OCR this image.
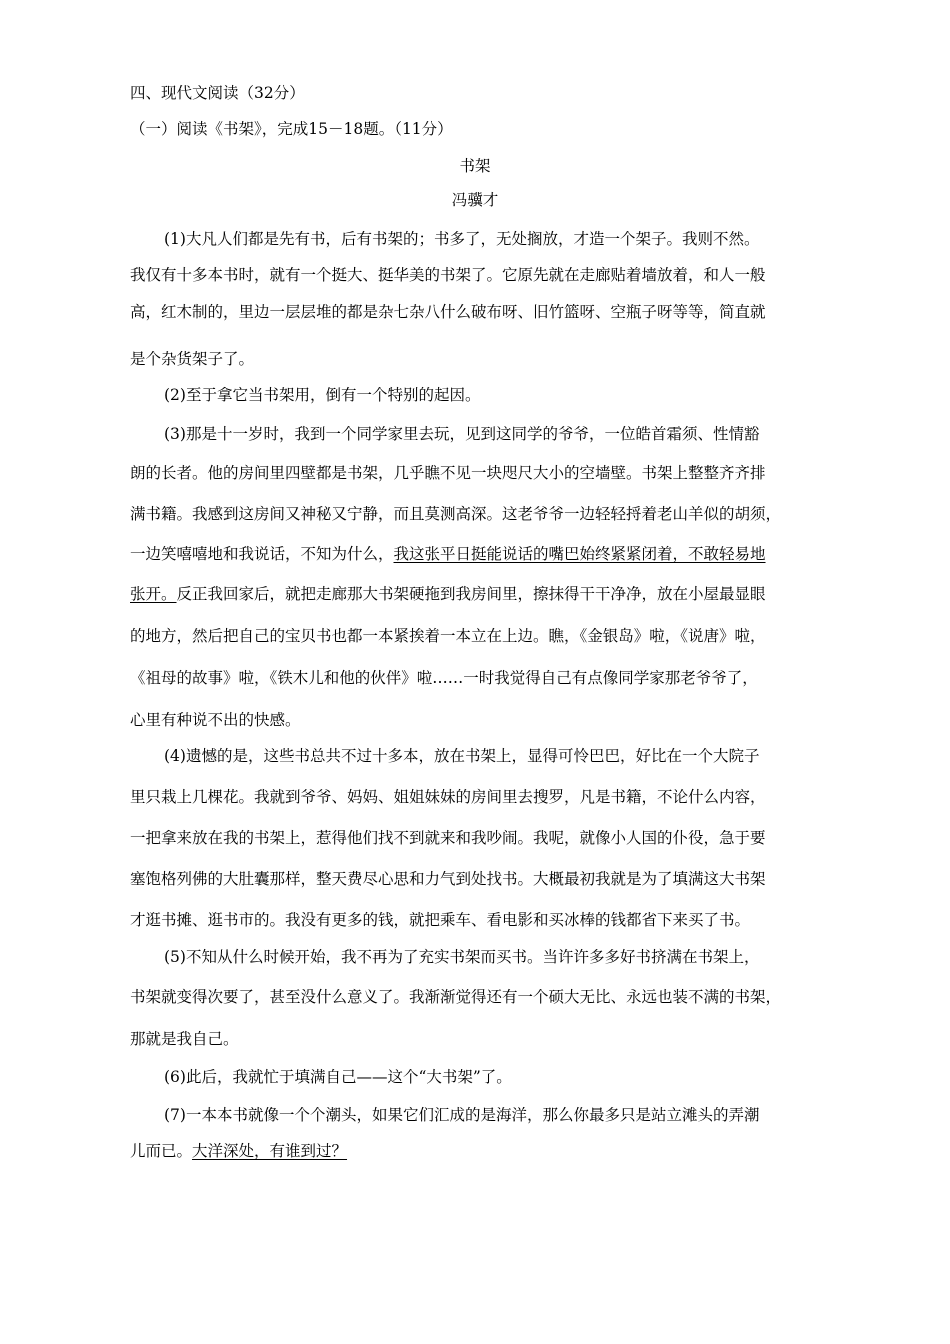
四、现代文阅读（32分）
（一）阅读《书架》，完成15－18题。（11分）
书架
冯骥才
(1)大凡人们都是先有书，后有书架的；书多了，无处搁放，才造一个架子。我则不然。
我仅有十多本书时，就有一个挺大、挺华美的书架了。它原先就在走廊贴着墙放着，和人一般
高，红木制的，里边一层层堆的都是杂七杂八什么破布呀、旧竹篮呀、空瓶子呀等等，简直就
是个杂货架子了。
(2)至于拿它当书架用，倒有一个特别的起因。
(3)那是十一岁时，我到一个同学家里去玩，见到这同学的爷爷，一位皓首霜须、性情豁
朗的长者。他的房间里四壁都是书架，几乎瞧不见一块咫尺大小的空墙壁。书架上整整齐齐排
满书籍。我感到这房间又神秘又宁静，而且莫测高深。这老爷爷一边轻轻捋着老山羊似的胡须，
一边笑嘻嘻地和我说话，不知为什么，我这张平日挺能说话的嘴巴始终紧紧闭着，不敢轻易地
张开。反正我回家后，就把走廊那大书架硬拖到我房间里，擦抹得干干净净，放在小屋最显眼
的地方，然后把自己的宝贝书也都一本紧挨着一本立在上边。瞧，《金银岛》啦，《说唐》啦，
《祖母的故事》啦，《铁木儿和他的伙伴》啦……一时我觉得自己有点像同学家那老爷爷了，
心里有种说不出的快感。
(4)遗憾的是，这些书总共不过十多本，放在书架上，显得可怜巴巴，好比在一个大院子
里只栽上几棵花。我就到爷爷、妈妈、姐姐妹妹的房间里去搜罗，凡是书籍，不论什么内容，
一把拿来放在我的书架上，惹得他们找不到就来和我吵闹。我呢，就像小人国的仆役，急于要
塞饱格列佛的大肚囊那样，整天费尽心思和力气到处找书。大概最初我就是为了填满这大书架
才逛书摊、逛书市的。我没有更多的钱，就把乘车、看电影和买冰棒的钱都省下来买了书。
(5)不知从什么时候开始，我不再为了充实书架而买书。当许许多多好书挤满在书架上，
书架就变得次要了，甚至没什么意义了。我渐渐觉得还有一个硕大无比、永远也装不满的书架，
那就是我自己。
(6)此后，我就忙于填满自己——这个“大书架”了。
(7)一本本书就像一个个潮头，如果它们汇成的是海洋，那么你最多只是站立滩头的弄潮
儿而已。大洋深处，有谁到过？
